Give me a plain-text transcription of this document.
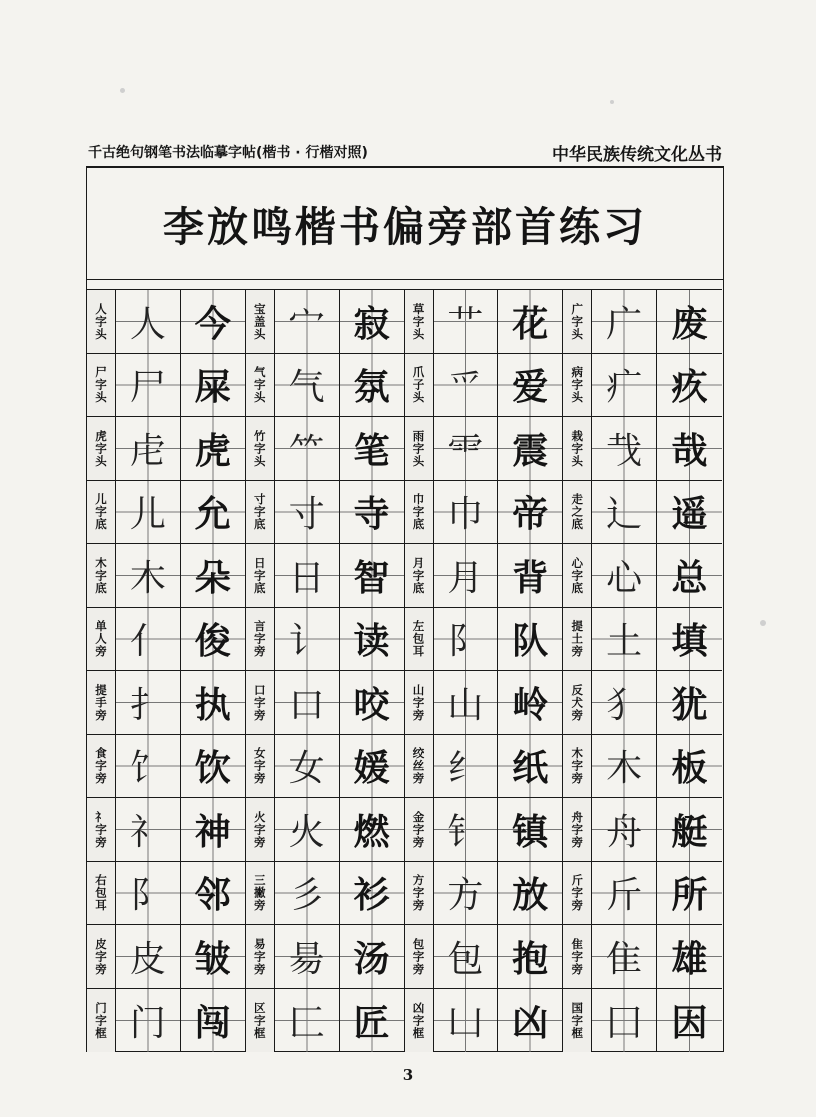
千古绝句钢笔书法临摹字帖(楷书 · 行楷对照)	中华民族传统文化丛书
李放鸣楷书偏旁部首练习
人字头 人 今	宝盖头 宀 寂	草字头 艹 花	广字头 广 废
尸字头 尸 屎	气字头 气 氛	爪子头 爫 爱	病字头 疒 疚
虎字头 虍 虎	竹字头 ⺮ 笔	雨字头 ⻗ 震	栽字头 𢦏 哉
儿字底 儿 允	寸字底 寸 寺	巾字底 巾 帝	走之底 辶 遥
木字底 木 朵	日字底 日 智	月字底 月 背	心字底 心 总
单人旁 亻 俊	言字旁 讠 读	左包耳 阝 队	提土旁 土 填
提手旁 扌 执	口字旁 口 咬	山字旁 山 岭	反犬旁 犭 犹
食字旁 饣 饮	女字旁 女 媛	绞丝旁 纟 纸	木字旁 木 板
礻字旁 礻 神	火字旁 火 燃	金字旁 钅 镇	舟字旁 舟 艇
右包耳 阝 邻	三撇旁 彡 衫	方字旁 方 放	斤字旁 斤 所
皮字旁 皮 皱	易字旁 昜 汤	包字旁 包 抱	隹字旁 隹 雄
门字框 门 闯	区字框 匚 匠	凶字框 凵 凶	国字框 囗 因
3
